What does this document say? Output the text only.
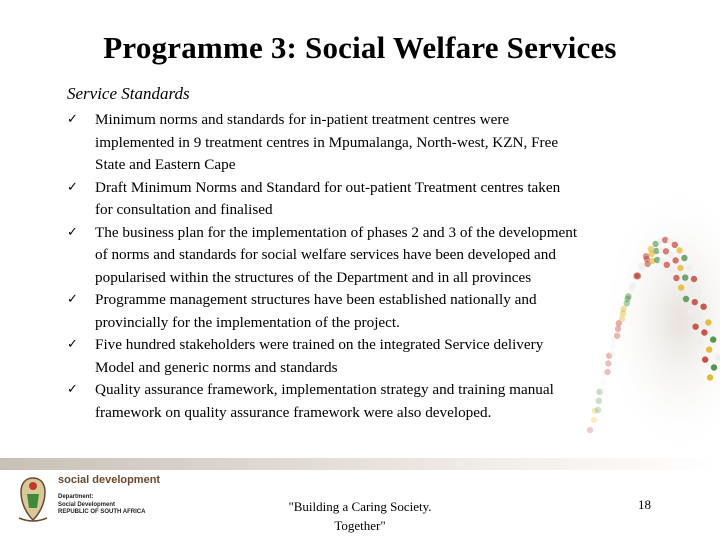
Programme 3: Social Welfare Services
Service Standards
✓ Minimum norms and standards for in-patient treatment centres were
implemented in 9 treatment centres in Mpumalanga, North-west, KZN, Free
State and Eastern Cape
✓ Draft Minimum Norms and Standard for out-patient Treatment centres taken
for consultation and finalised
✓ The business plan for the implementation of phases 2 and 3 of the development
of norms and standards for social welfare services have been developed and
popularised within the structures of the Department and in all provinces
✓ Programme management structures have been established nationally and
provincially for the implementation of the project.
✓ Five hundred stakeholders were trained on the integrated Service delivery
Model and generic norms and standards
✓ Quality assurance framework, implementation strategy and training manual
framework on quality assurance framework were also developed.
social development
Department:
Social Development
REPUBLIC OF SOUTH AFRICA	"Building a Caring Society.
Together"
18
